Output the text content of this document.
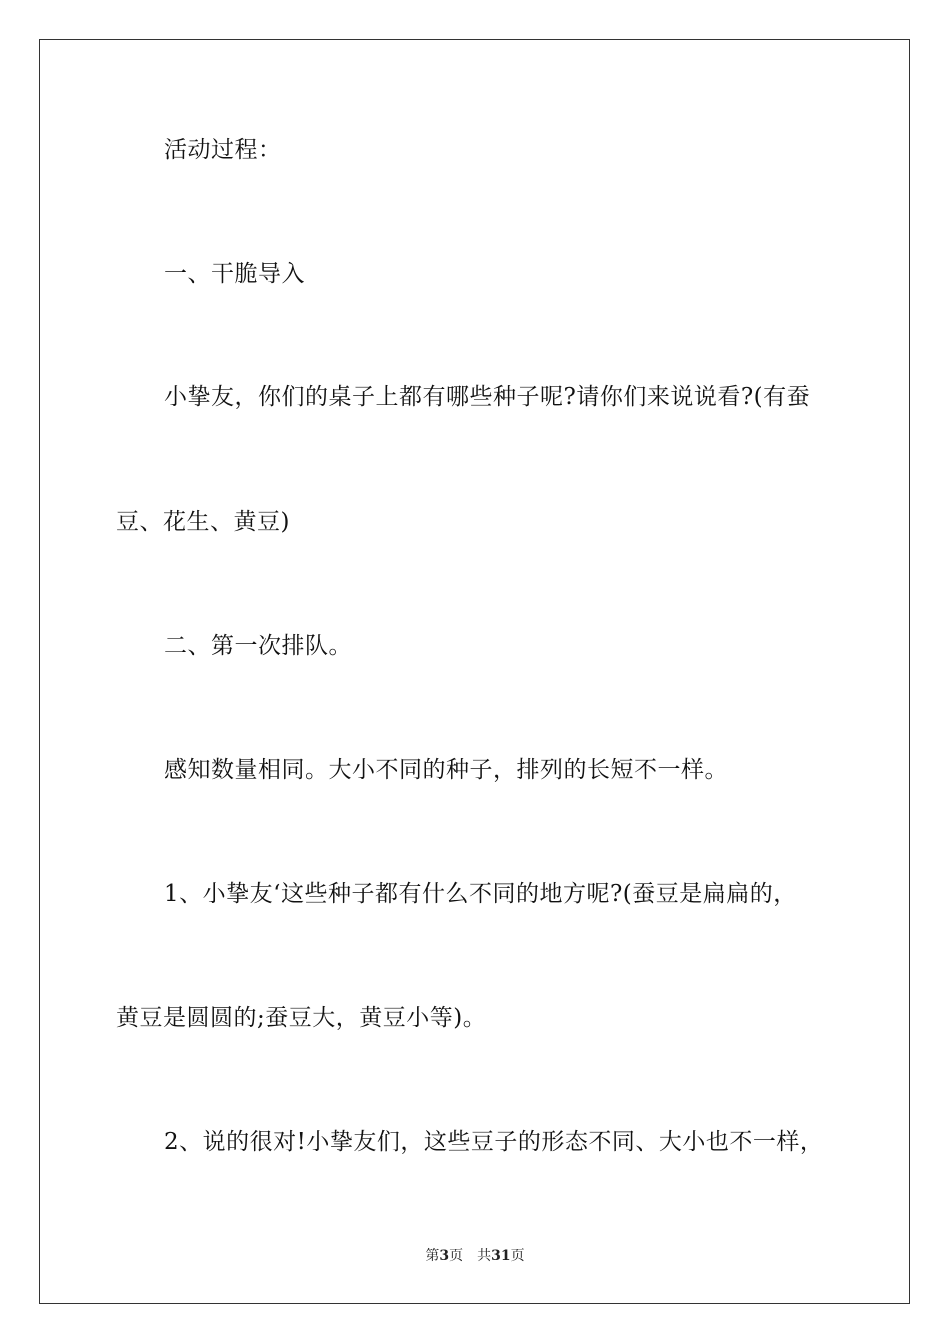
活动过程：
一、干脆导入
小挚友，你们的桌子上都有哪些种子呢?请你们来说说看?(有蚕
豆、花生、黄豆)
二、第一次排队。
感知数量相同。大小不同的种子，排列的长短不一样。
1、小挚友‘这些种子都有什么不同的地方呢?(蚕豆是扁扁的，
黄豆是圆圆的;蚕豆大，黄豆小等)。
2、说的很对!小挚友们，这些豆子的形态不同、大小也不一样，
第3页 共31页
